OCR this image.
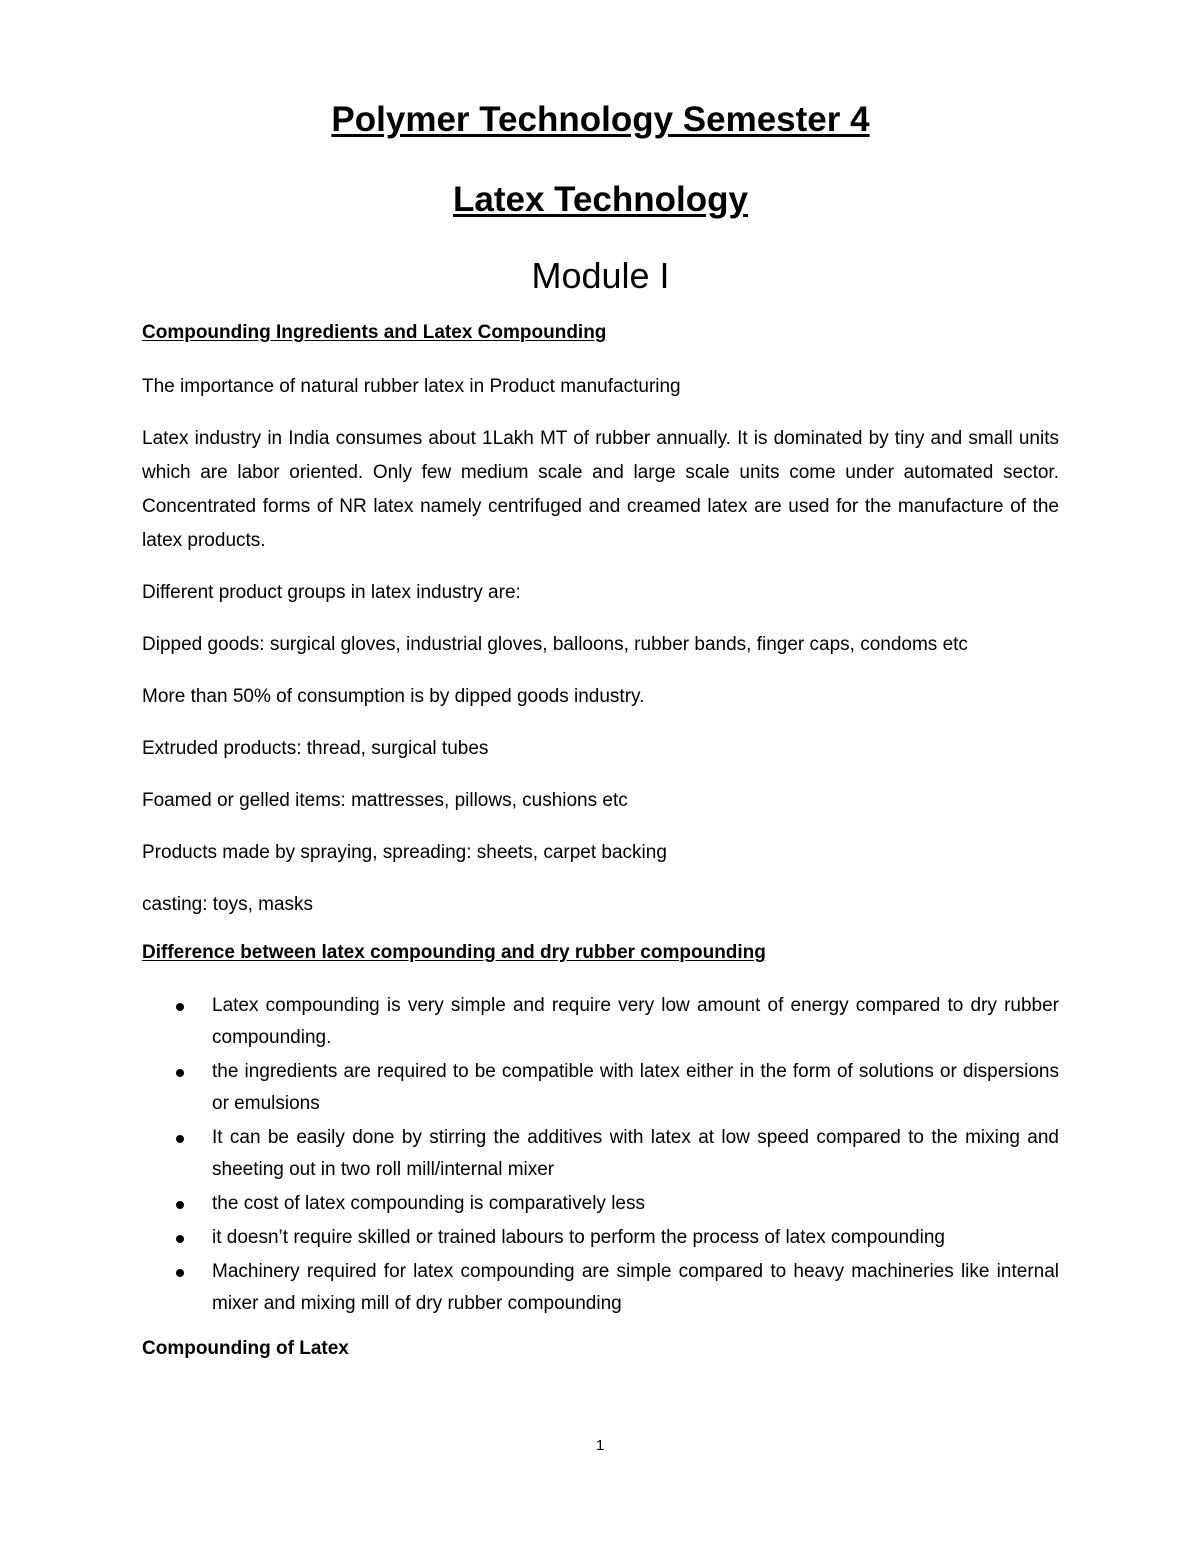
Polymer Technology Semester 4
Latex Technology
Module I
Compounding Ingredients and Latex Compounding

The importance of natural rubber latex in Product manufacturing

Latex industry in India consumes about 1Lakh MT of rubber annually. It is dominated by tiny and small units which are labor oriented. Only few medium scale and large scale units come under automated sector. Concentrated forms of NR latex namely centrifuged and creamed latex are used for the manufacture of the latex products.

Different product groups in latex industry are:

Dipped goods: surgical gloves, industrial gloves, balloons, rubber bands, finger caps, condoms etc

More than 50% of consumption is by dipped goods industry.

Extruded products: thread, surgical tubes

Foamed or gelled items: mattresses, pillows, cushions etc

Products made by spraying, spreading: sheets, carpet backing

casting: toys, masks

Difference between latex compounding and dry rubber compounding
Latex compounding is very simple and require very low amount of energy compared to dry rubber compounding.
the ingredients are required to be compatible with latex either in the form of solutions or dispersions or emulsions
It can be easily done by stirring the additives with latex at low speed compared to the mixing and sheeting out in two roll mill/internal mixer
the cost of latex compounding is comparatively less
it doesn’t require skilled or trained labours to perform the process of latex compounding
Machinery required for latex compounding are simple compared to heavy machineries like internal mixer and mixing mill of dry rubber compounding
Compounding of Latex
1
